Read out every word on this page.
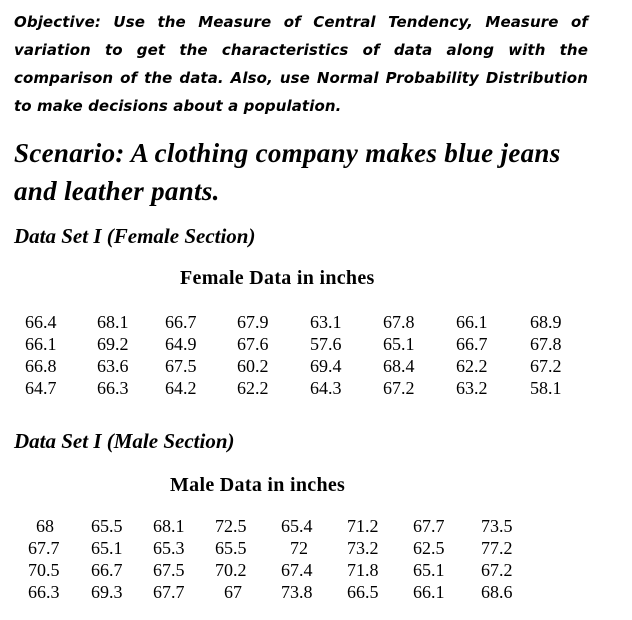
Objective: Use the Measure of Central Tendency, Measure of variation to get the characteristics of data along with the comparison of the data. Also, use Normal Probability Distribution to make decisions about a population.
Scenario: A clothing company makes blue jeans and leather pants.
Data Set I (Female Section)
Female Data in inches
66.4 68.1 66.7 67.9 63.1 67.8 66.1 68.9
66.1 69.2 64.9 67.6 57.6 65.1 66.7 67.8
66.8 63.6 67.5 60.2 69.4 68.4 62.2 67.2
64.7 66.3 64.2 62.2 64.3 67.2 63.2 58.1
Data Set I (Male Section)
Male Data in inches
68 65.5 68.1 72.5 65.4 71.2 67.7 73.5
67.7 65.1 65.3 65.5 72 73.2 62.5 77.2
70.5 66.7 67.5 70.2 67.4 71.8 65.1 67.2
66.3 69.3 67.7 67 73.8 66.5 66.1 68.6
